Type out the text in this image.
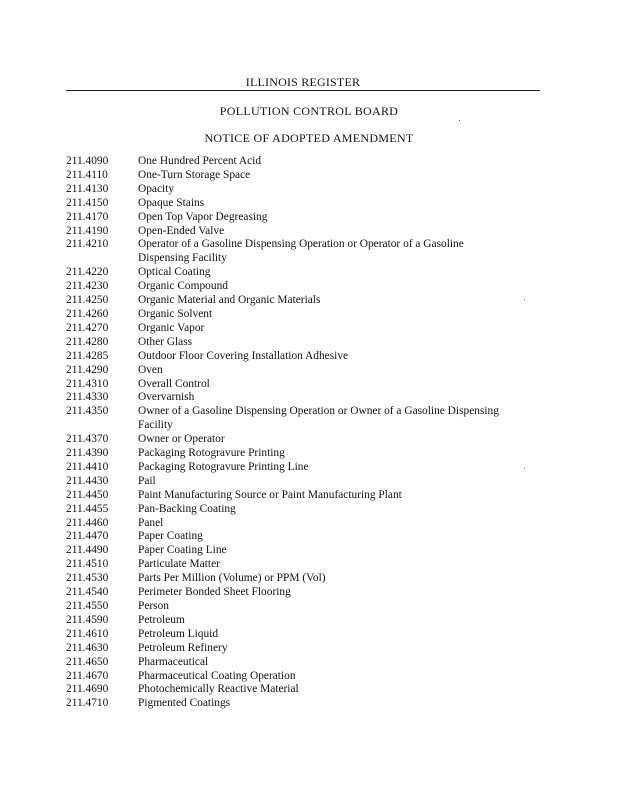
ILLINOIS REGISTER
POLLUTION CONTROL BOARD
NOTICE OF ADOPTED AMENDMENT
211.4090	One Hundred Percent Acid
211.4110	One-Turn Storage Space
211.4130	Opacity
211.4150	Opaque Stains
211.4170	Open Top Vapor Degreasing
211.4190	Open-Ended Valve
211.4210	Operator of a Gasoline Dispensing Operation or Operator of a Gasoline
Dispensing Facility
211.4220	Optical Coating
211.4230	Organic Compound
211.4250	Organic Material and Organic Materials
211.4260	Organic Solvent
211.4270	Organic Vapor
211.4280	Other Glass
211.4285	Outdoor Floor Covering Installation Adhesive
211.4290	Oven
211.4310	Overall Control
211.4330	Overvarnish
211.4350	Owner of a Gasoline Dispensing Operation or Owner of a Gasoline Dispensing
Facility
211.4370	Owner or Operator
211.4390	Packaging Rotogravure Printing
211.4410	Packaging Rotogravure Printing Line
211.4430	Pail
211.4450	Paint Manufacturing Source or Paint Manufacturing Plant
211.4455	Pan-Backing Coating
211.4460	Panel
211.4470	Paper Coating
211.4490	Paper Coating Line
211.4510	Particulate Matter
211.4530	Parts Per Million (Volume) or PPM (Vol)
211.4540	Perimeter Bonded Sheet Flooring
211.4550	Person
211.4590	Petroleum
211.4610	Petroleum Liquid
211.4630	Petroleum Refinery
211.4650	Pharmaceutical
211.4670	Pharmaceutical Coating Operation
211.4690	Photochemically Reactive Material
211.4710	Pigmented Coatings
